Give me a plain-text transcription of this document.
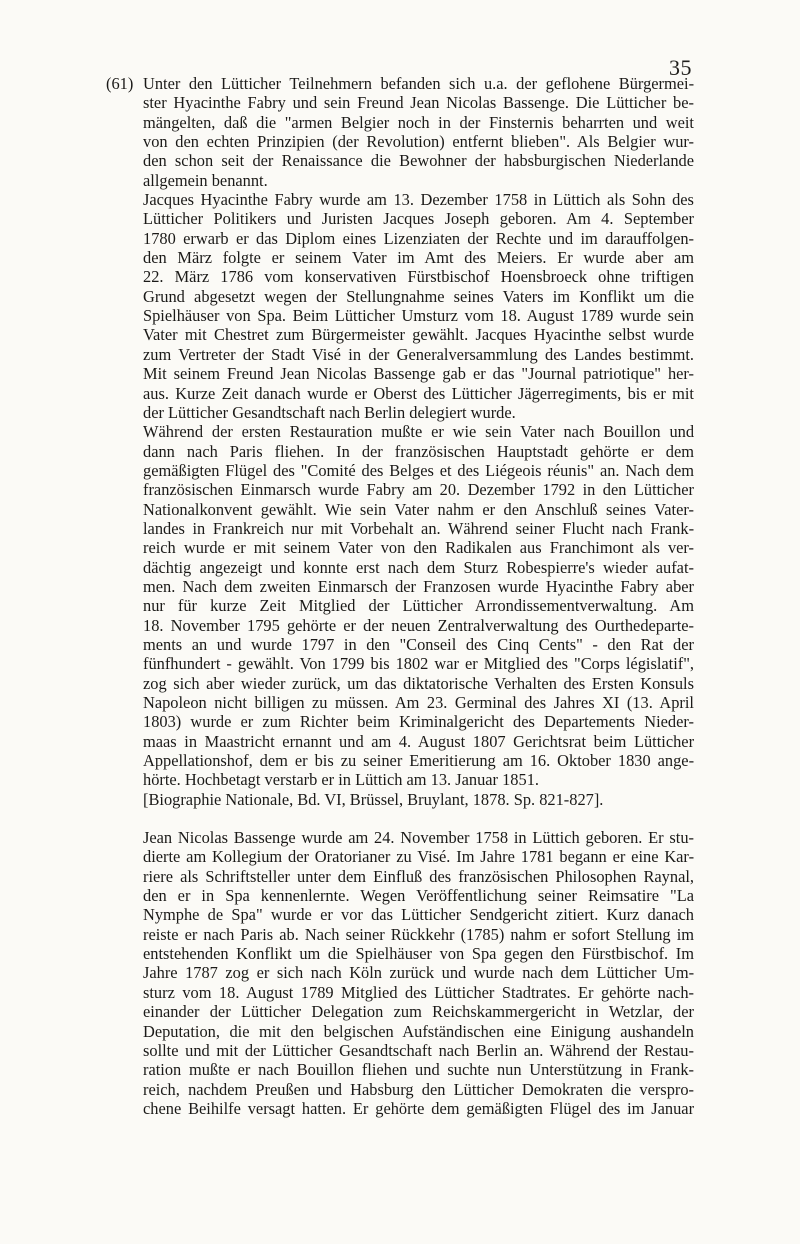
35
(61) Unter den Lütticher Teilnehmern befanden sich u.a. der geflohene Bürgermei-
ster Hyacinthe Fabry und sein Freund Jean Nicolas Bassenge. Die Lütticher be-
mängelten, daß die "armen Belgier noch in der Finsternis beharrten und weit
von den echten Prinzipien (der Revolution) entfernt blieben". Als Belgier wur-
den schon seit der Renaissance die Bewohner der habsburgischen Niederlande
allgemein benannt.
Jacques Hyacinthe Fabry wurde am 13. Dezember 1758 in Lüttich als Sohn des
Lütticher Politikers und Juristen Jacques Joseph geboren. Am 4. September
1780 erwarb er das Diplom eines Lizenziaten der Rechte und im darauffolgen-
den März folgte er seinem Vater im Amt des Meiers. Er wurde aber am
22. März 1786 vom konservativen Fürstbischof Hoensbroeck ohne triftigen
Grund abgesetzt wegen der Stellungnahme seines Vaters im Konflikt um die
Spielhäuser von Spa. Beim Lütticher Umsturz vom 18. August 1789 wurde sein
Vater mit Chestret zum Bürgermeister gewählt. Jacques Hyacinthe selbst wurde
zum Vertreter der Stadt Visé in der Generalversammlung des Landes bestimmt.
Mit seinem Freund Jean Nicolas Bassenge gab er das "Journal patriotique" her-
aus. Kurze Zeit danach wurde er Oberst des Lütticher Jägerregiments, bis er mit
der Lütticher Gesandtschaft nach Berlin delegiert wurde.
Während der ersten Restauration mußte er wie sein Vater nach Bouillon und
dann nach Paris fliehen. In der französischen Hauptstadt gehörte er dem
gemäßigten Flügel des "Comité des Belges et des Liégeois réunis" an. Nach dem
französischen Einmarsch wurde Fabry am 20. Dezember 1792 in den Lütticher
Nationalkonvent gewählt. Wie sein Vater nahm er den Anschluß seines Vater-
landes in Frankreich nur mit Vorbehalt an. Während seiner Flucht nach Frank-
reich wurde er mit seinem Vater von den Radikalen aus Franchimont als ver-
dächtig angezeigt und konnte erst nach dem Sturz Robespierre's wieder aufat-
men. Nach dem zweiten Einmarsch der Franzosen wurde Hyacinthe Fabry aber
nur für kurze Zeit Mitglied der Lütticher Arrondissementverwaltung. Am
18. November 1795 gehörte er der neuen Zentralverwaltung des Ourthedeparte-
ments an und wurde 1797 in den "Conseil des Cinq Cents" - den Rat der
fünfhundert - gewählt. Von 1799 bis 1802 war er Mitglied des "Corps législatif",
zog sich aber wieder zurück, um das diktatorische Verhalten des Ersten Konsuls
Napoleon nicht billigen zu müssen. Am 23. Germinal des Jahres XI (13. April
1803) wurde er zum Richter beim Kriminalgericht des Departements Nieder-
maas in Maastricht ernannt und am 4. August 1807 Gerichtsrat beim Lütticher
Appellationshof, dem er bis zu seiner Emeritierung am 16. Oktober 1830 ange-
hörte. Hochbetagt verstarb er in Lüttich am 13. Januar 1851.
[Biographie Nationale, Bd. VI, Brüssel, Bruylant, 1878. Sp. 821-827].
Jean Nicolas Bassenge wurde am 24. November 1758 in Lüttich geboren. Er stu-
dierte am Kollegium der Oratorianer zu Visé. Im Jahre 1781 begann er eine Kar-
riere als Schriftsteller unter dem Einfluß des französischen Philosophen Raynal,
den er in Spa kennenlernte. Wegen Veröffentlichung seiner Reimsatire "La
Nymphe de Spa" wurde er vor das Lütticher Sendgericht zitiert. Kurz danach
reiste er nach Paris ab. Nach seiner Rückkehr (1785) nahm er sofort Stellung im
entstehenden Konflikt um die Spielhäuser von Spa gegen den Fürstbischof. Im
Jahre 1787 zog er sich nach Köln zurück und wurde nach dem Lütticher Um-
sturz vom 18. August 1789 Mitglied des Lütticher Stadtrates. Er gehörte nach-
einander der Lütticher Delegation zum Reichskammergericht in Wetzlar, der
Deputation, die mit den belgischen Aufständischen eine Einigung aushandeln
sollte und mit der Lütticher Gesandtschaft nach Berlin an. Während der Restau-
ration mußte er nach Bouillon fliehen und suchte nun Unterstützung in Frank-
reich, nachdem Preußen und Habsburg den Lütticher Demokraten die verspro-
chene Beihilfe versagt hatten. Er gehörte dem gemäßigten Flügel des im Januar
